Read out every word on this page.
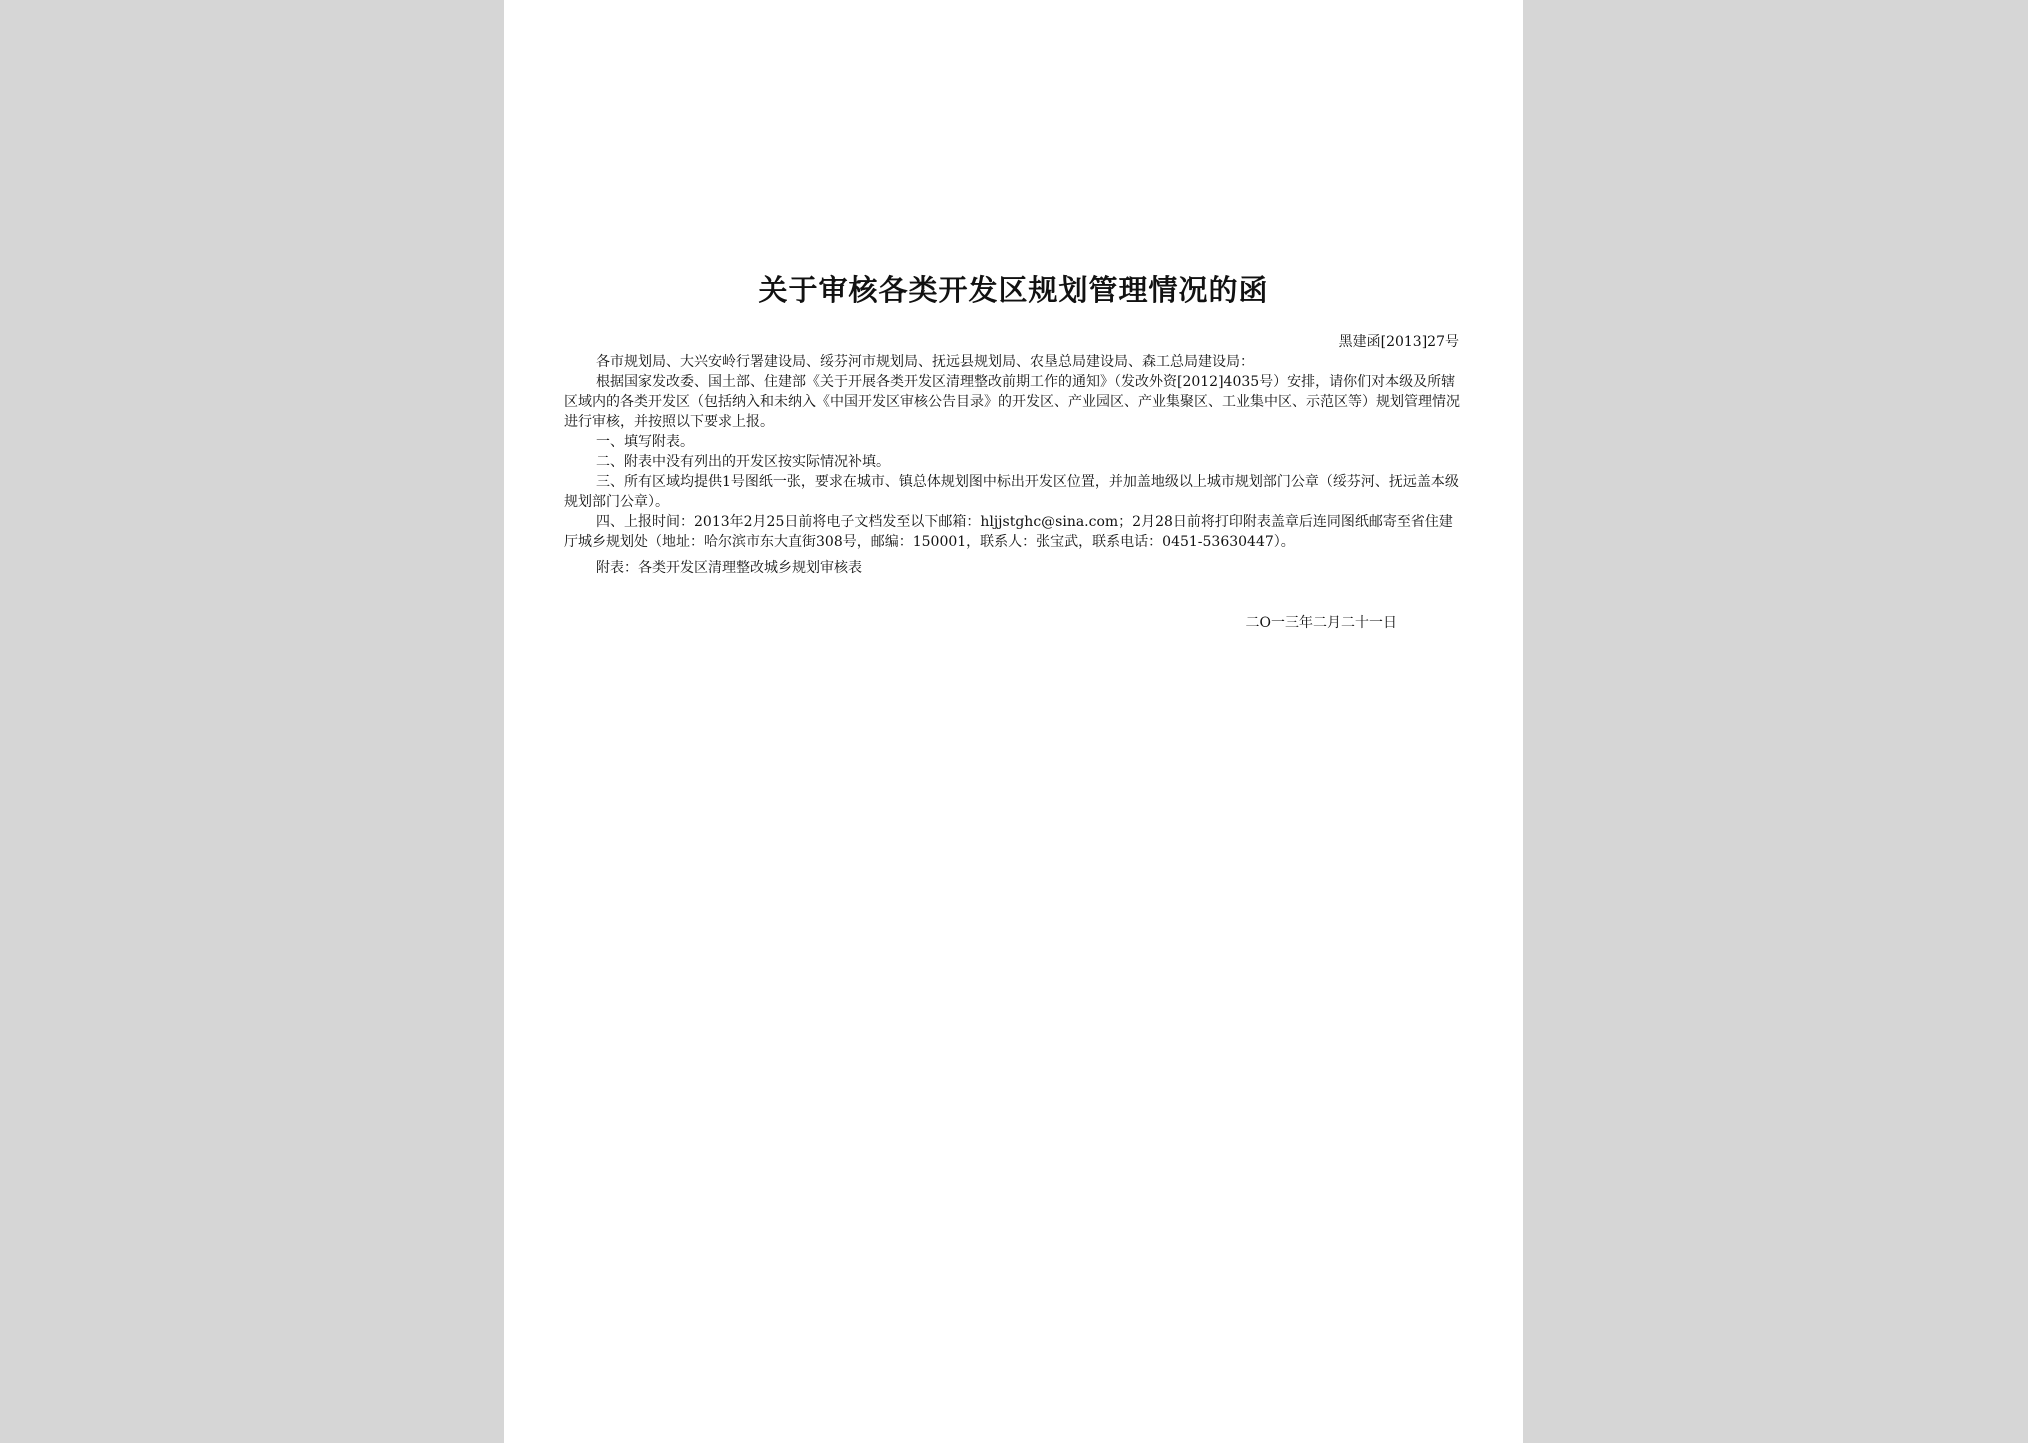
关于审核各类开发区规划管理情况的函
黑建函[2013]27号

各市规划局、大兴安岭行署建设局、绥芬河市规划局、抚远县规划局、农垦总局建设局、森工总局建设局：

根据国家发改委、国土部、住建部《关于开展各类开发区清理整改前期工作的通知》（发改外资[2012]4035号）安排，请你们对本级及所辖区域内的各类开发区（包括纳入和未纳入《中国开发区审核公告目录》的开发区、产业园区、产业集聚区、工业集中区、示范区等）规划管理情况进行审核，并按照以下要求上报。

一、填写附表。

二、附表中没有列出的开发区按实际情况补填。

三、所有区域均提供1号图纸一张，要求在城市、镇总体规划图中标出开发区位置，并加盖地级以上城市规划部门公章（绥芬河、抚远盖本级规划部门公章）。

四、上报时间：2013年2月25日前将电子文档发至以下邮箱：hljjstghc@sina.com；2月28日前将打印附表盖章后连同图纸邮寄至省住建厅城乡规划处（地址：哈尔滨市东大直街308号，邮编：150001，联系人：张宝武，联系电话：0451-53630447）。

附表：各类开发区清理整改城乡规划审核表

二O一三年二月二十一日
